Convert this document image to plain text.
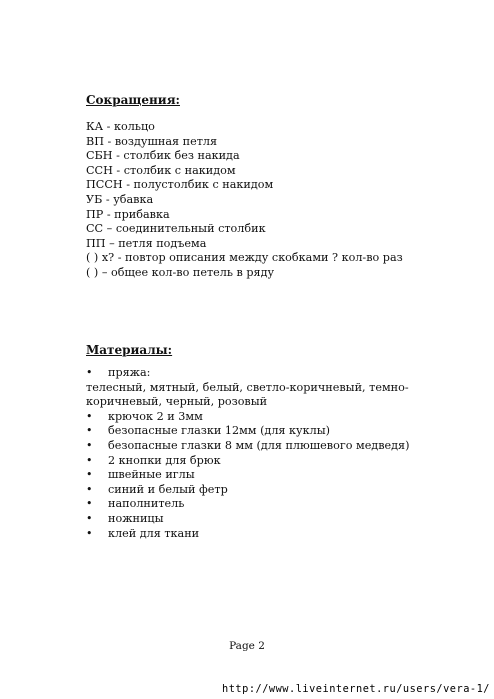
Сокращения:
КА - кольцо
ВП - воздушная петля
СБН - столбик без накида
ССН - столбик с накидом
ПССН - полустолбик с накидом
УБ - убавка
ПР - прибавка
СС – соединительный столбик
ПП – петля подъема
( ) х? - повтор описания между скобками ? кол-во раз
( ) – общее кол-во петель в ряду
Материалы:
•	пряжа:
телесный, мятный, белый, светло-коричневый, темно-
коричневый, черный, розовый
•	крючок 2 и 3мм
•	безопасные глазки 12мм (для куклы)
•	безопасные глазки 8 мм (для плюшевого медведя)
•	2 кнопки для брюк
•	швейные иглы
•	синий и белый фетр
•	наполнитель
•	ножницы
•	клей для ткани
Page 2
http://www.liveinternet.ru/users/vera-1/
